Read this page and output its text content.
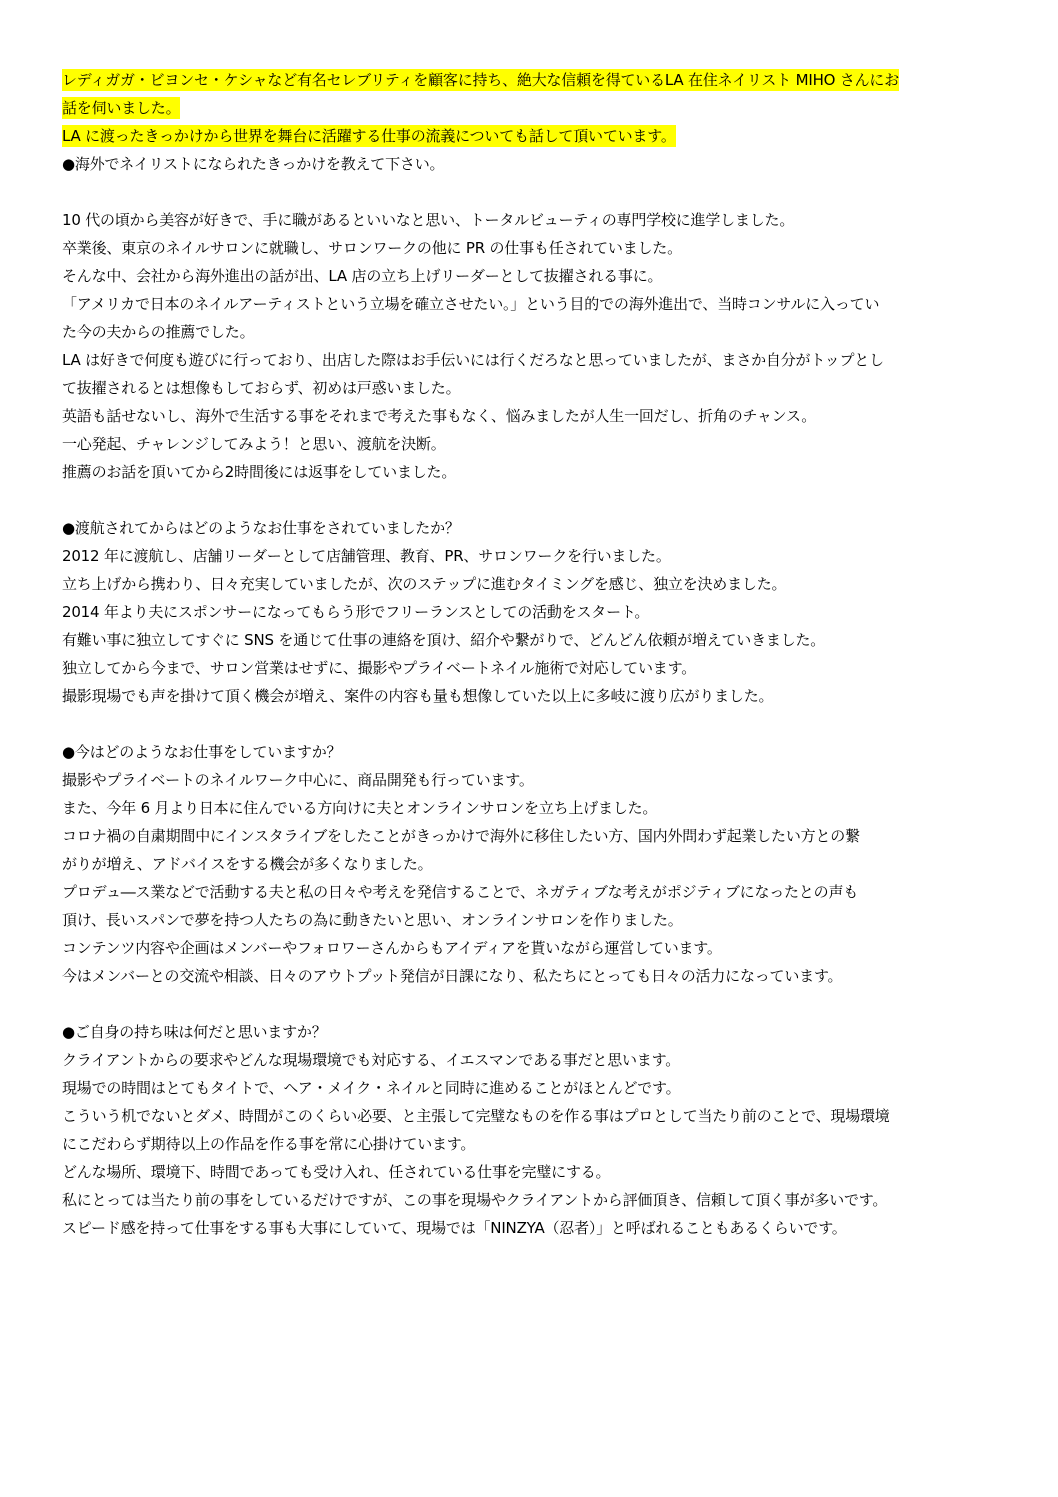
レディガガ・ビヨンセ・ケシャなど有名セレブリティを顧客に持ち、絶大な信頼を得ているLA 在住ネイリスト MIHO さんにお
話を伺いました。
LA に渡ったきっかけから世界を舞台に活躍する仕事の流義についても話して頂いています。
●海外でネイリストになられたきっかけを教えて下さい。
10 代の頃から美容が好きで、手に職があるといいなと思い、トータルビューティの専門学校に進学しました。
卒業後、東京のネイルサロンに就職し、サロンワークの他に PR の仕事も任されていました。
そんな中、会社から海外進出の話が出、LA 店の立ち上げリーダーとして抜擢される事に。
「アメリカで日本のネイルアーティストという立場を確立させたい。」という目的での海外進出で、当時コンサルに入ってい
た今の夫からの推薦でした。
LA は好きで何度も遊びに行っており、出店した際はお手伝いには行くだろなと思っていましたが、まさか自分がトップとし
て抜擢されるとは想像もしておらず、初めは戸惑いました。
英語も話せないし、海外で生活する事をそれまで考えた事もなく、悩みましたが人生一回だし、折角のチャンス。
一心発起、チャレンジしてみよう！と思い、渡航を決断。
推薦のお話を頂いてから2時間後には返事をしていました。
●渡航されてからはどのようなお仕事をされていましたか？
2012 年に渡航し、店舗リーダーとして店舗管理、教育、PR、サロンワークを行いました。
立ち上げから携わり、日々充実していましたが、次のステップに進むタイミングを感じ、独立を決めました。
2014 年より夫にスポンサーになってもらう形でフリーランスとしての活動をスタート。
有難い事に独立してすぐに SNS を通じて仕事の連絡を頂け、紹介や繋がりで、どんどん依頼が増えていきました。
独立してから今まで、サロン営業はせずに、撮影やプライベートネイル施術で対応しています。
撮影現場でも声を掛けて頂く機会が増え、案件の内容も量も想像していた以上に多岐に渡り広がりました。
●今はどのようなお仕事をしていますか？
撮影やプライベートのネイルワーク中心に、商品開発も行っています。
また、今年 6 月より日本に住んでいる方向けに夫とオンラインサロンを立ち上げました。
コロナ禍の自粛期間中にインスタライブをしたことがきっかけで海外に移住したい方、国内外問わず起業したい方との繋
がりが増え、アドバイスをする機会が多くなりました。
プロデュ―ス業などで活動する夫と私の日々や考えを発信することで、ネガティブな考えがポジティブになったとの声も
頂け、長いスパンで夢を持つ人たちの為に動きたいと思い、オンラインサロンを作りました。
コンテンツ内容や企画はメンバーやフォロワーさんからもアイディアを貰いながら運営しています。
今はメンバーとの交流や相談、日々のアウトプット発信が日課になり、私たちにとっても日々の活力になっています。
●ご自身の持ち味は何だと思いますか？
クライアントからの要求やどんな現場環境でも対応する、イエスマンである事だと思います。
現場での時間はとてもタイトで、ヘア・メイク・ネイルと同時に進めることがほとんどです。
こういう机でないとダメ、時間がこのくらい必要、と主張して完璧なものを作る事はプロとして当たり前のことで、現場環境
にこだわらず期待以上の作品を作る事を常に心掛けています。
どんな場所、環境下、時間であっても受け入れ、任されている仕事を完璧にする。
私にとっては当たり前の事をしているだけですが、この事を現場やクライアントから評価頂き、信頼して頂く事が多いです。
スピード感を持って仕事をする事も大事にしていて、現場では「NINZYA（忍者）」と呼ばれることもあるくらいです。
